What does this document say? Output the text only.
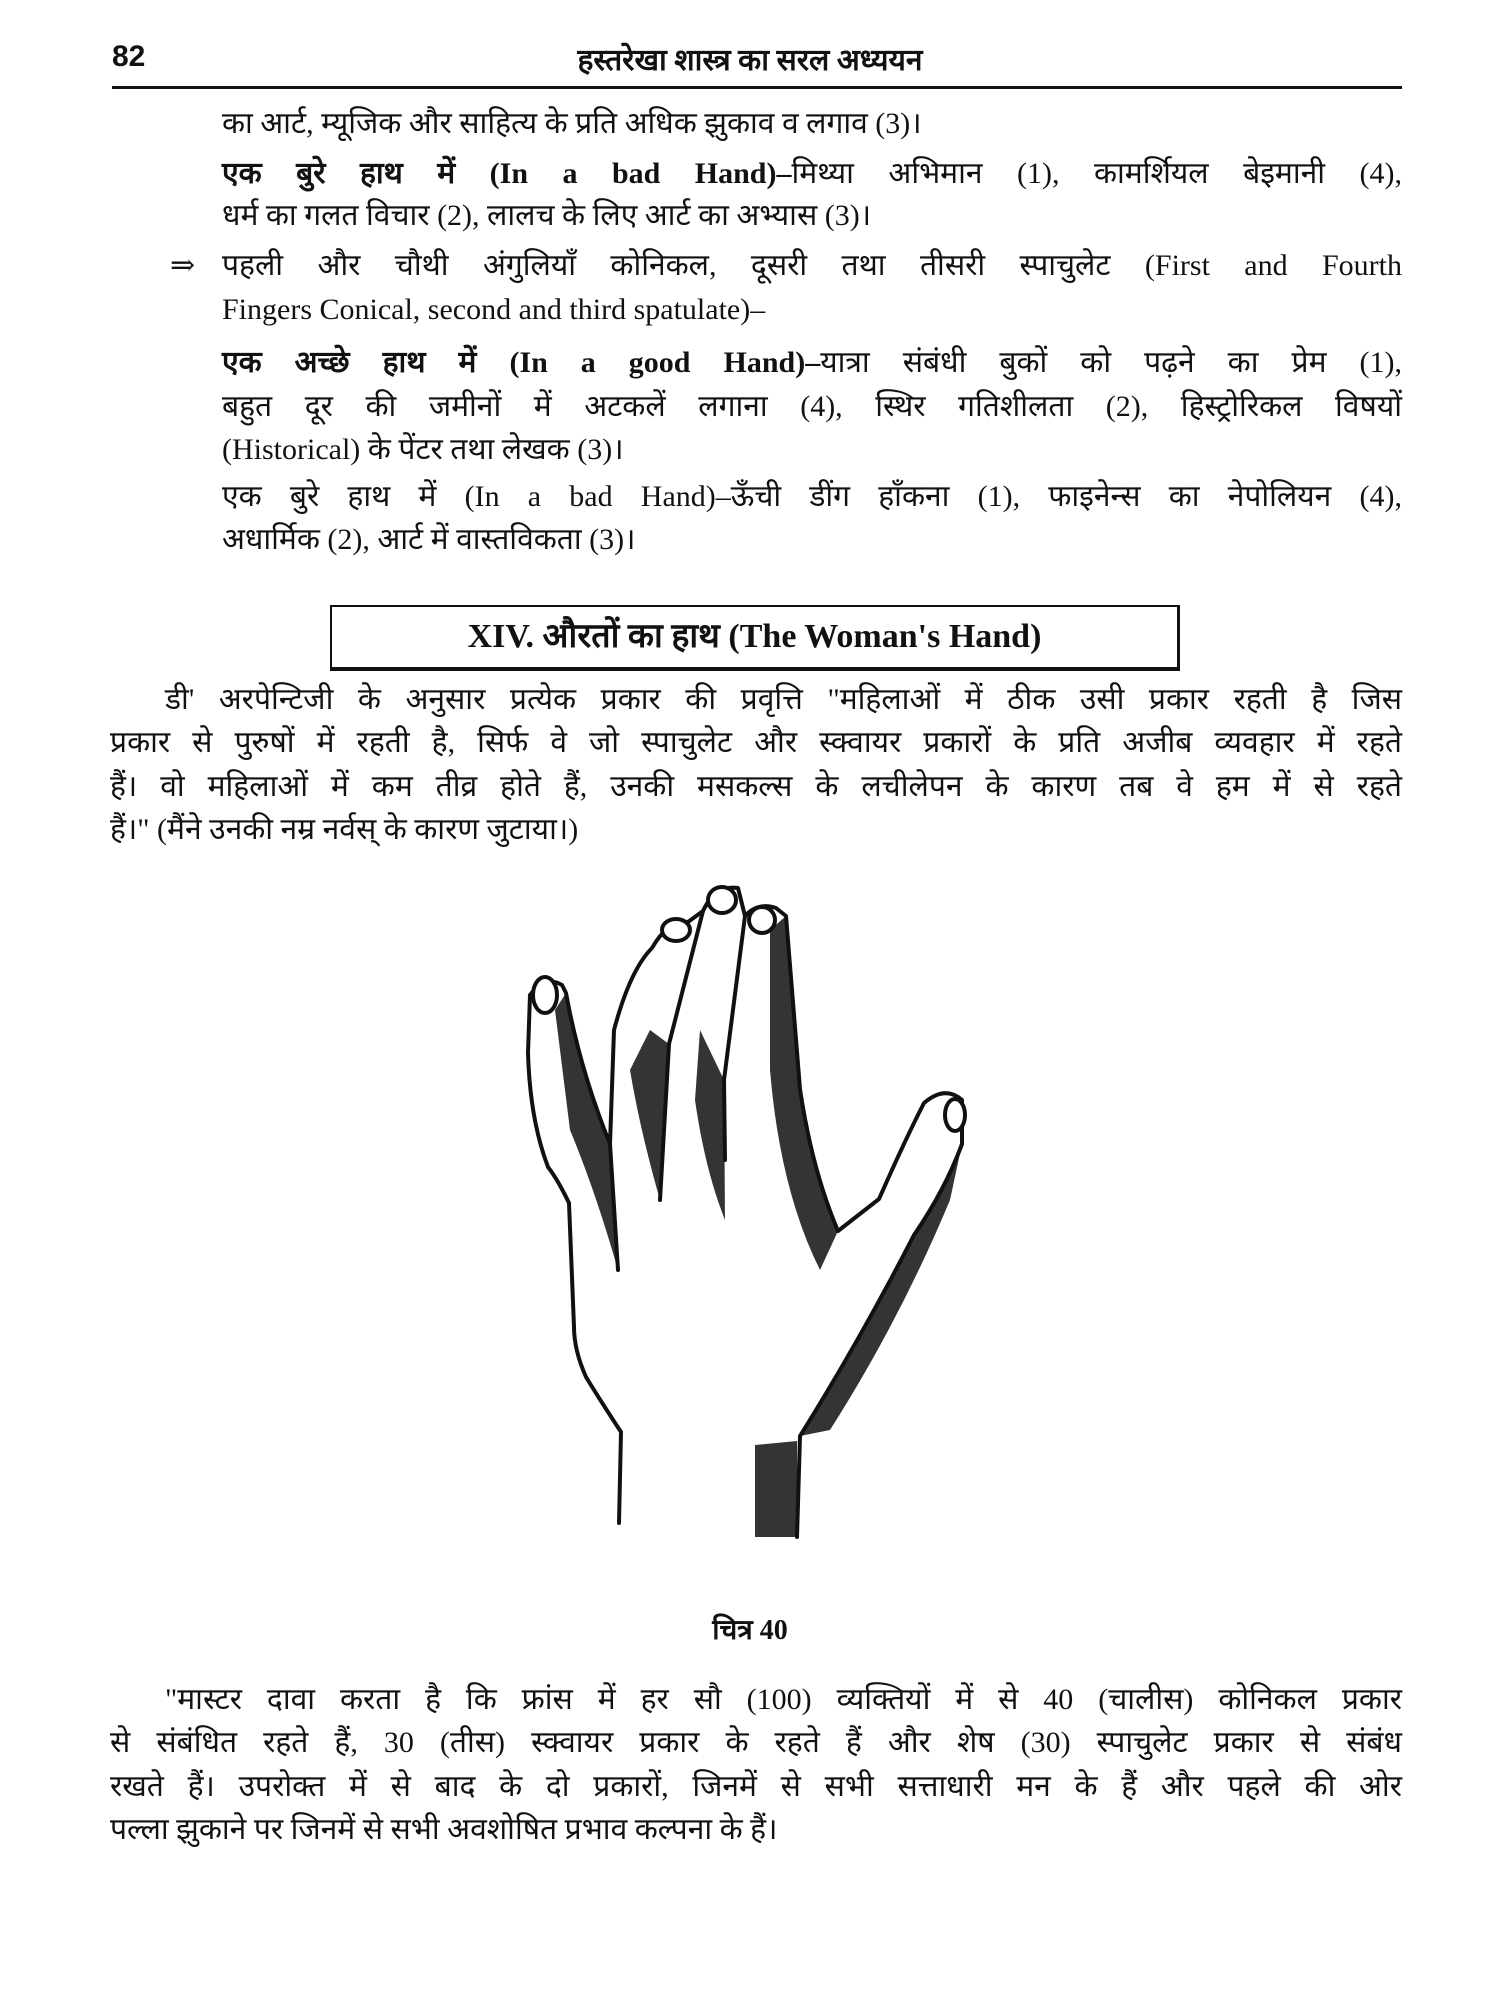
82	हस्तरेखा शास्त्र का सरल अध्ययन
का आर्ट, म्यूजिक और साहित्य के प्रति अधिक झुकाव व लगाव (3)।
एक बुरे हाथ में (In a bad Hand)–मिथ्या अभिमान (1), कामर्शियल बेइमानी (4),
धर्म का गलत विचार (2), लालच के लिए आर्ट का अभ्यास (3)।
⇒ पहली और चौथी अंगुलियाँ कोनिकल, दूसरी तथा तीसरी स्पाचुलेट (First and Fourth
Fingers Conical, second and third spatulate)–
एक अच्छे हाथ में (In a good Hand)–यात्रा संबंधी बुकों को पढ़ने का प्रेम (1),
बहुत दूर की जमीनों में अटकलें लगाना (4), स्थिर गतिशीलता (2), हिस्ट्रोरिकल विषयों
(Historical) के पेंटर तथा लेखक (3)।
एक बुरे हाथ में (In a bad Hand)–ऊँची डींग हाँकना (1), फाइनेन्स का नेपोलियन (4),
अधार्मिक (2), आर्ट में वास्तविकता (3)।
XIV. औरतों का हाथ (The Woman's Hand)
डी' अरपेन्टिजी के अनुसार प्रत्येक प्रकार की प्रवृत्ति "महिलाओं में ठीक उसी प्रकार रहती है जिस
प्रकार से पुरुषों में रहती है, सिर्फ वे जो स्पाचुलेट और स्क्वायर प्रकारों के प्रति अजीब व्यवहार में रहते
हैं। वो महिलाओं में कम तीव्र होते हैं, उनकी मसकल्स के लचीलेपन के कारण तब वे हम में से रहते
हैं।" (मैंने उनकी नम्र नर्वस् के कारण जुटाया।)
चित्र 40
"मास्टर दावा करता है कि फ्रांस में हर सौ (100) व्यक्तियों में से 40 (चालीस) कोनिकल प्रकार
से संबंधित रहते हैं, 30 (तीस) स्क्वायर प्रकार के रहते हैं और शेष (30) स्पाचुलेट प्रकार से संबंध
रखते हैं। उपरोक्त में से बाद के दो प्रकारों, जिनमें से सभी सत्ताधारी मन के हैं और पहले की ओर
पल्ला झुकाने पर जिनमें से सभी अवशोषित प्रभाव कल्पना के हैं।
